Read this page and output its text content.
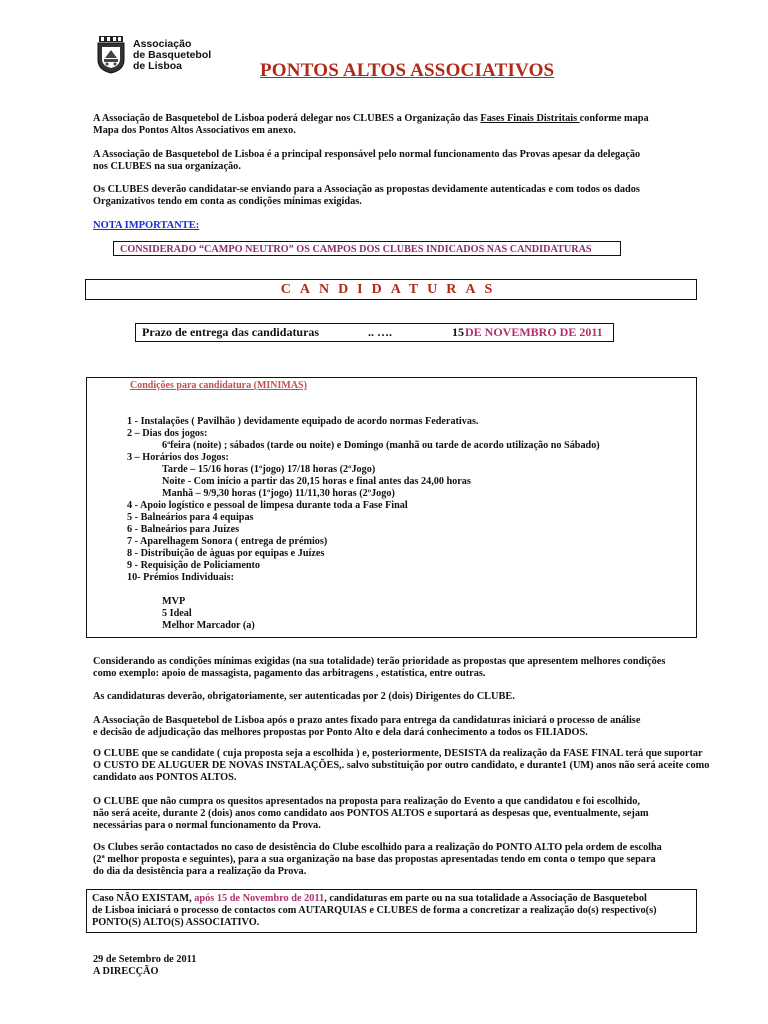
Associação
de Basquetebol
de Lisboa	PONTOS ALTOS ASSOCIATIVOS
A Associação de Basquetebol de Lisboa poderá delegar nos CLUBES a Organização das Fases Finais Distritais conforme mapa
Mapa dos Pontos Altos Associativos em anexo.
A Associação de Basquetebol de Lisboa é a principal responsável pelo normal funcionamento das Provas apesar da delegação
nos CLUBES na sua organização.
Os CLUBES deverão candidatar-se enviando para a Associação as propostas devidamente autenticadas e com todos os dados
Organizativos tendo em conta as condições mínimas exigidas.
NOTA IMPORTANTE:
CONSIDERADO “CAMPO NEUTRO” OS CAMPOS DOS CLUBES INDICADOS NAS CANDIDATURAS
CANDIDATURAS
Prazo de entrega das candidaturas	.. ….	15 DE NOVEMBRO DE 2011
Condições para candidatura (MINIMAS)
1 - Instalações ( Pavilhão ) devidamente equipado de acordo normas Federativas.
2 – Dias dos jogos:
6ªfeira (noite) ; sábados (tarde ou noite) e Domingo (manhã ou tarde de acordo utilização no Sábado)
3 – Horários dos Jogos:
Tarde – 15/16 horas (1ºjogo) 17/18 horas (2ºJogo)
Noite - Com início a partir das 20,15 horas e final antes das 24,00 horas
Manhã – 9/9,30 horas (1ºjogo) 11/11,30 horas (2ºJogo)
4 - Apoio logístico e pessoal de limpesa durante toda a Fase Final
5 - Balneários para 4 equipas
6 - Balneários para Juízes
7 - Aparelhagem Sonora ( entrega de prémios)
8 - Distribuição de àguas por equipas e Juízes
9 - Requisição de Policiamento
10- Prémios Individuais:
MVP
5 Ideal
Melhor Marcador (a)
Considerando as condições mínimas exigidas (na sua totalidade) terão prioridade as propostas que apresentem melhores condições
como exemplo: apoio de massagista, pagamento das arbitragens , estatística, entre outras.
As candidaturas deverão, obrigatoriamente, ser autenticadas por 2 (dois) Dirigentes do CLUBE.
A Associação de Basquetebol de Lisboa após o prazo antes fixado para entrega da candidaturas iniciará o processo de análise
e decisão de adjudicação das melhores propostas por Ponto Alto e dela dará conhecimento a todos os FILIADOS.
O CLUBE que se candidate ( cuja proposta seja a escolhida ) e, posteriormente, DESISTA da realização da FASE FINAL terá que suportar
O CUSTO DE ALUGUER DE NOVAS INSTALAÇÕES,. salvo substituição por outro candidato, e durante1 (UM) anos não será aceite como
candidato aos PONTOS ALTOS.
O CLUBE que não cumpra os quesitos apresentados na proposta para realização do Evento a que candidatou e foi escolhido,
não será aceite, durante 2 (dois) anos como candidato aos PONTOS ALTOS e suportará as despesas que, eventualmente, sejam
necessárias para o normal funcionamento da Prova.
Os Clubes serão contactados no caso de desistência do Clube escolhido para a realização do PONTO ALTO pela ordem de escolha
(2ª melhor proposta e seguintes), para a sua organização na base das propostas apresentadas tendo em conta o tempo que separa
do dia da desistência para a realização da Prova.
Caso NÃO EXISTAM, após 15 de Novembro de 2011, candidaturas em parte ou na sua totalidade a Associação de Basquetebol
de Lisboa iniciará o processo de contactos com AUTARQUIAS e CLUBES de forma a concretizar a realização do(s) respectivo(s)
PONTO(S) ALTO(S) ASSOCIATIVO.
29 de Setembro de 2011
A DIRECÇÃO
